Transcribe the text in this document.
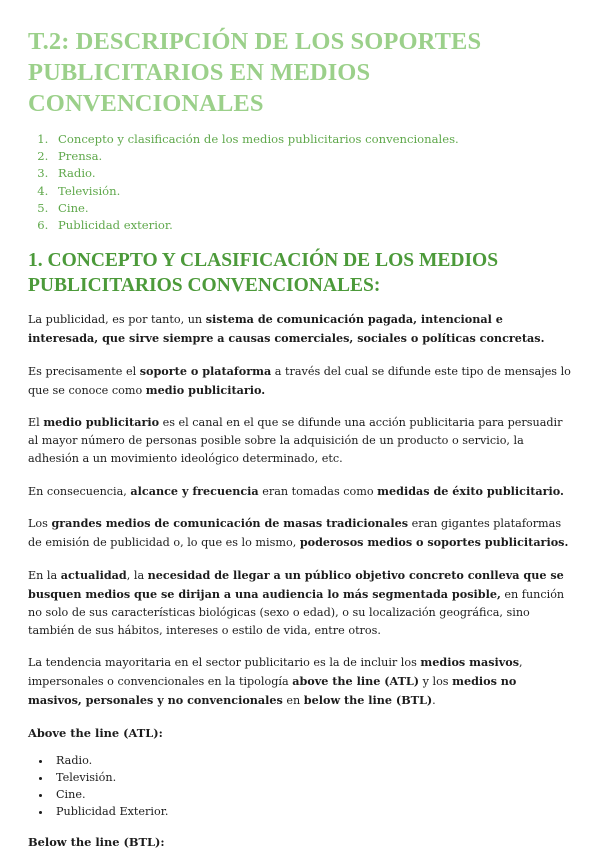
T.2: DESCRIPCIÓN DE LOS SOPORTES
PUBLICITARIOS EN MEDIOS CONVENCIONALES
1. Concepto y clasificación de los medios publicitarios convencionales.
2. Prensa.
3. Radio.
4. Televisión.
5. Cine.
6. Publicidad exterior.
1. CONCEPTO Y CLASIFICACIÓN DE LOS MEDIOS
PUBLICITARIOS CONVENCIONALES:

La publicidad, es por tanto, un sistema de comunicación pagada, intencional e interesada, que sirve siempre a causas comerciales, sociales o políticas concretas.

Es precisamente el soporte o plataforma a través del cual se difunde este tipo de mensajes lo que se conoce como medio publicitario.

El medio publicitario es el canal en el que se difunde una acción publicitaria para persuadir al mayor número de personas posible sobre la adquisición de un producto o servicio, la adhesión a un movimiento ideológico determinado, etc.

En consecuencia, alcance y frecuencia eran tomadas como medidas de éxito publicitario.

Los grandes medios de comunicación de masas tradicionales eran gigantes plataformas de emisión de publicidad o, lo que es lo mismo, poderosos medios o soportes publicitarios.

En la actualidad, la necesidad de llegar a un público objetivo concreto conlleva que se busquen medios que se dirijan a una audiencia lo más segmentada posible, en función no solo de sus características biológicas (sexo o edad), o su localización geográfica, sino también de sus hábitos, intereses o estilo de vida, entre otros.

La tendencia mayoritaria en el sector publicitario es la de incluir los medios masivos, impersonales o convencionales en la tipología above the line (ATL) y los medios no masivos, personales y no convencionales en below the line (BTL).

Above the line (ATL):
• Radio.
• Televisión.
• Cine.
• Publicidad Exterior.
Below the line (BTL):
